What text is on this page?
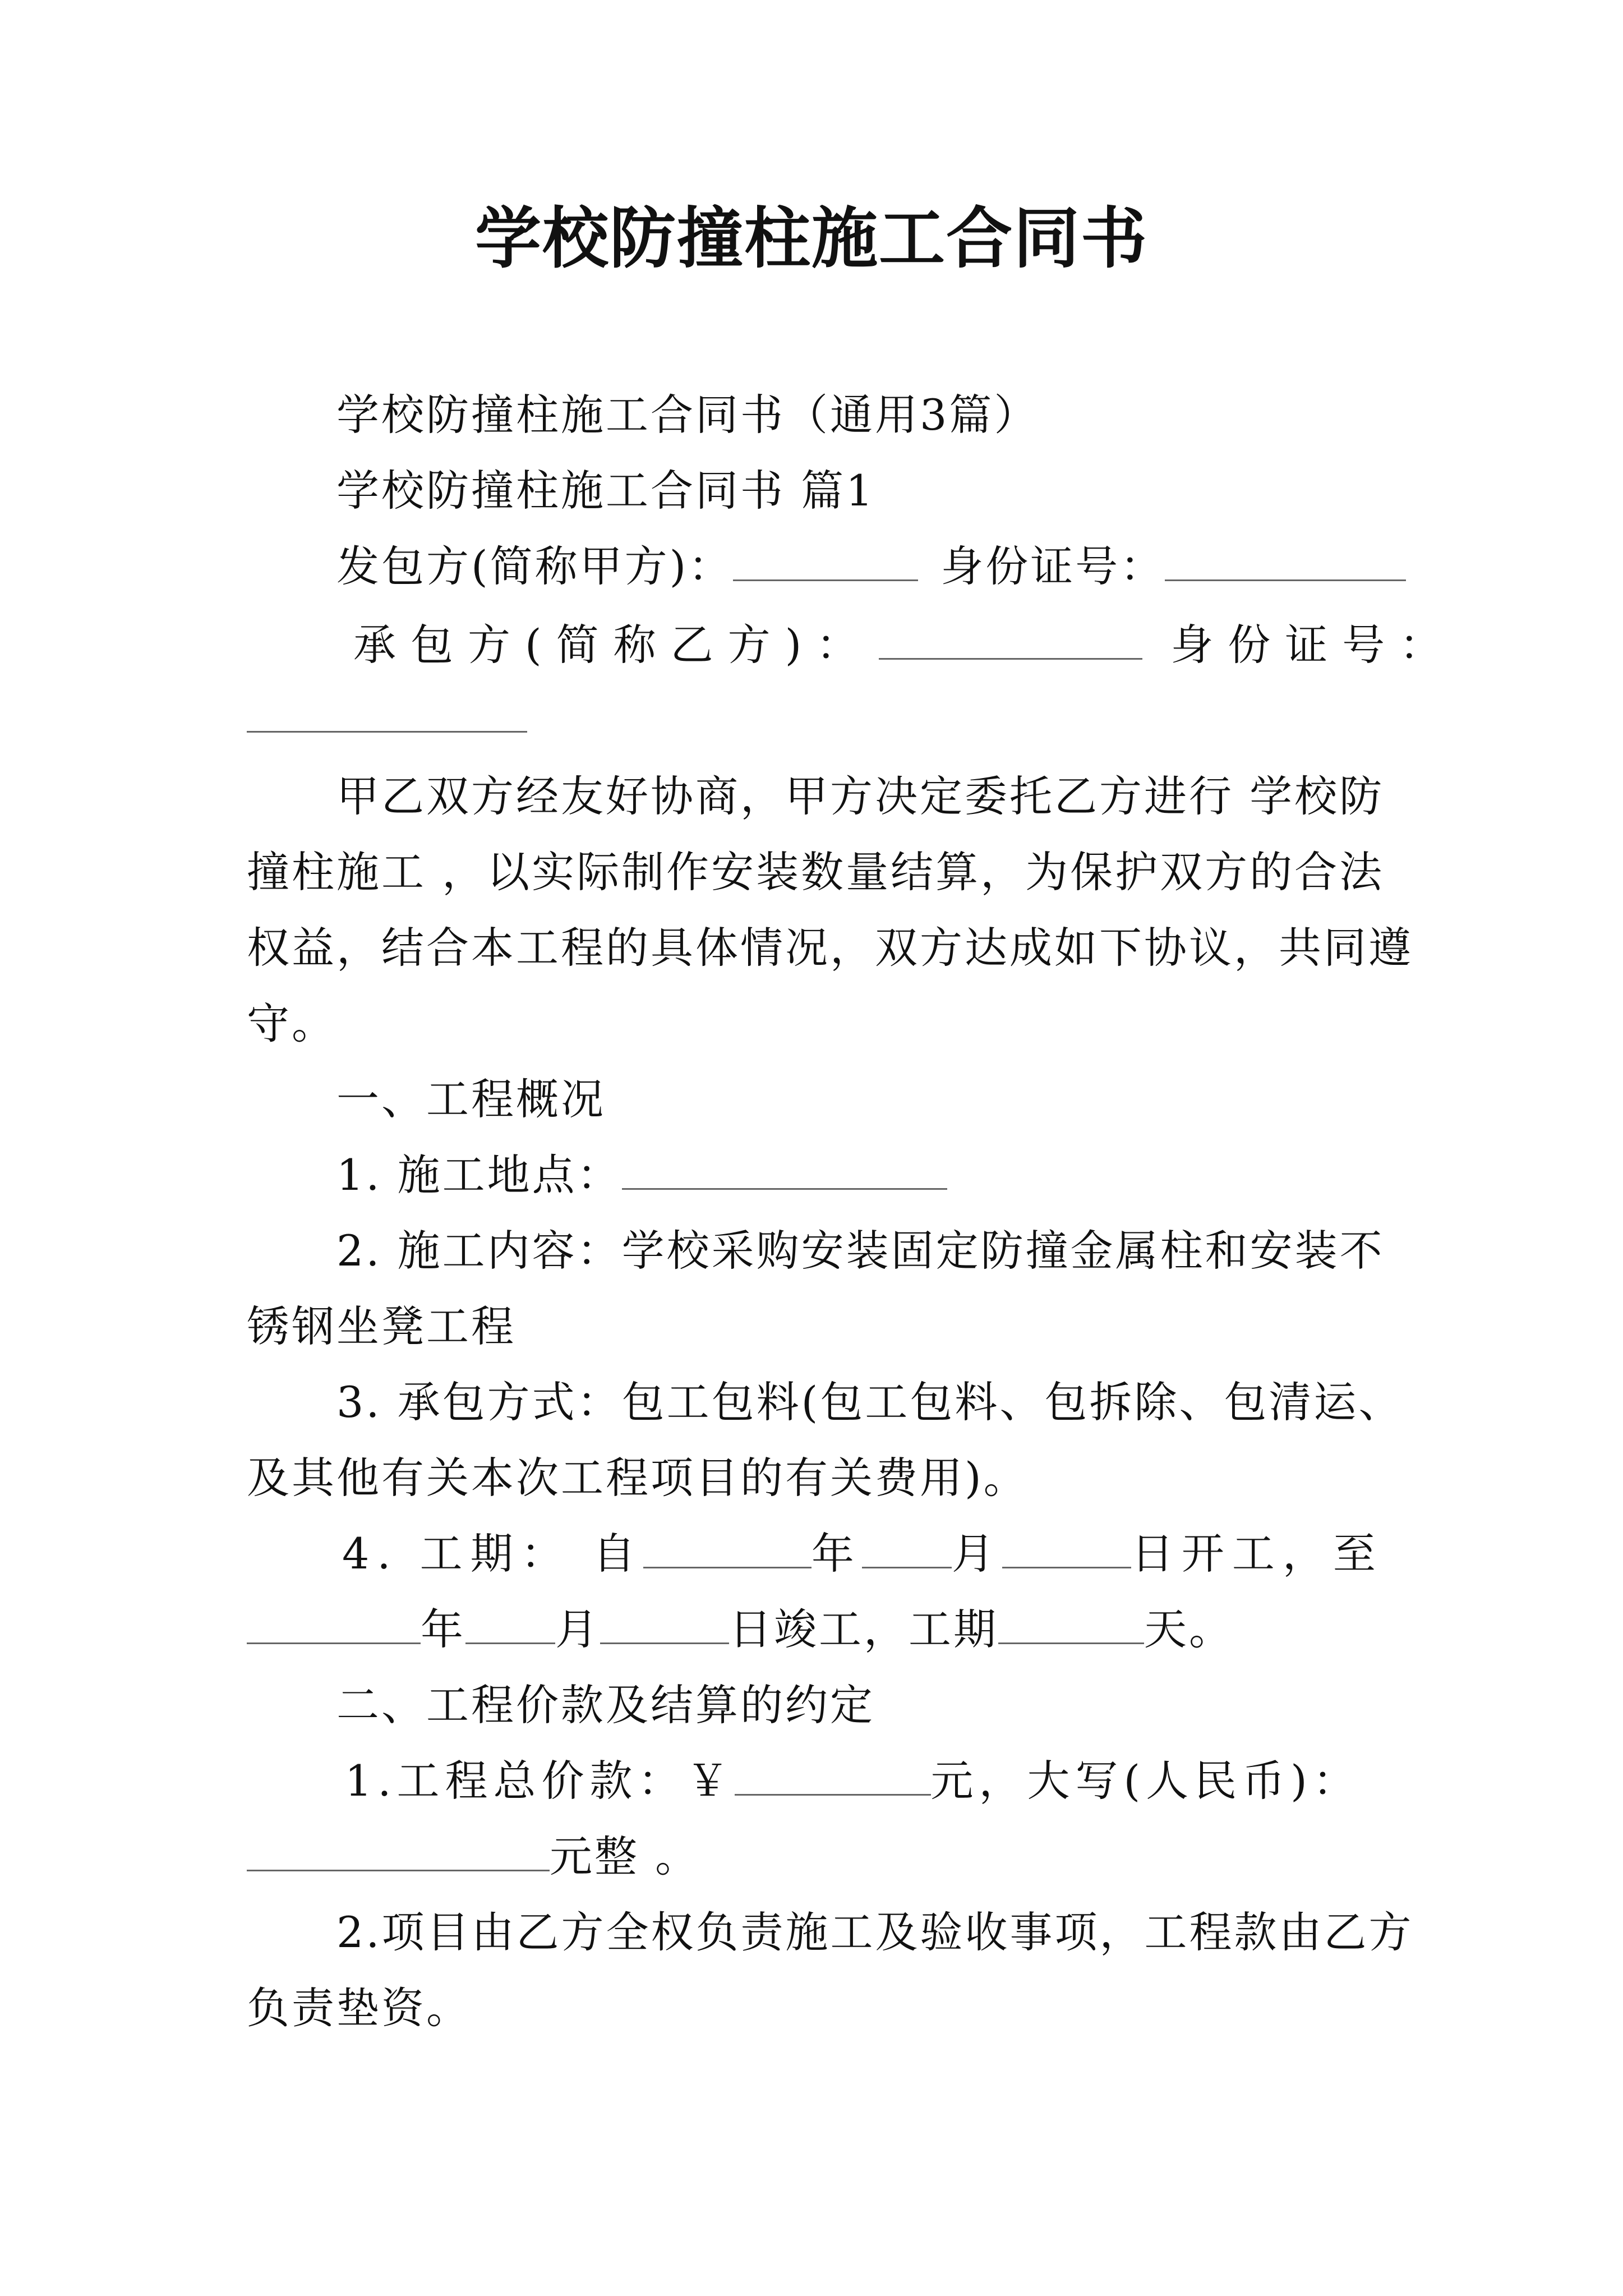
学校防撞柱施工合同书
学校防撞柱施工合同书（通用3篇）
学校防撞柱施工合同书 篇1
发包方(简称甲方)：	身份证号：
承包方(简称乙方)：	身份证号：
甲乙双方经友好协商，甲方决定委托乙方进行 学校防
撞柱施工 ，以实际制作安装数量结算，为保护双方的合法
权益，结合本工程的具体情况，双方达成如下协议，共同遵
守。
一、工程概况
1. 施工地点：
2. 施工内容：学校采购安装固定防撞金属柱和安装不
锈钢坐凳工程
3. 承包方式：包工包料(包工包料、包拆除、包清运、
及其他有关本次工程项目的有关费用)。
4. 工期： 自	年 月	日开工，至
年 月	日竣工，工期	天。
二、工程价款及结算的约定
1.工程总价款：￥	元，大写(人民币)：
元整 。
2.项目由乙方全权负责施工及验收事项，工程款由乙方
负责垫资。
